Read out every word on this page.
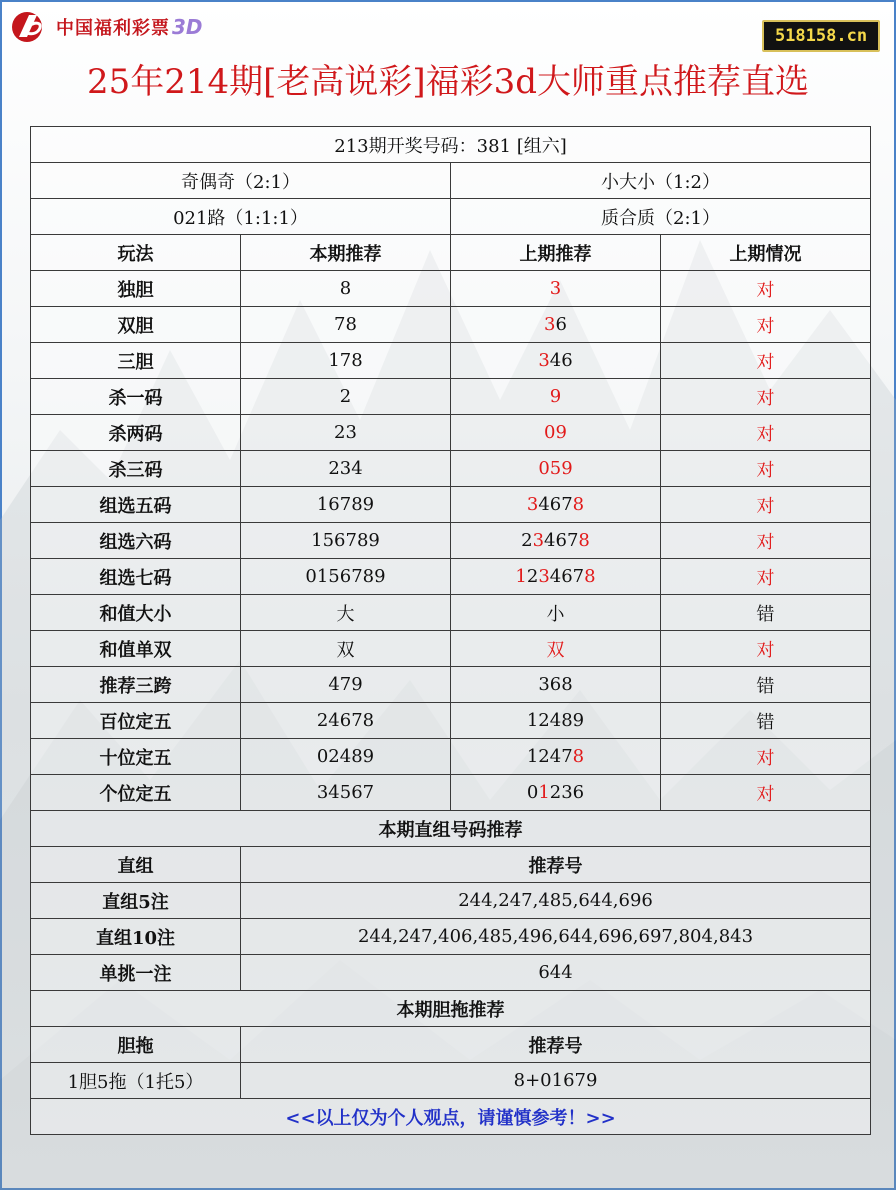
中国福利彩票 3D	518158.cn
25年214期[老高说彩]福彩3d大师重点推荐直选
213期开奖号码：381 [组六]			
奇偶奇（2:1）		小大小（1:2）	
021路（1:1:1）		质合质（2:1）	
玩法	本期推荐	上期推荐	上期情况
独胆	8	3	对
双胆	78	36	对
三胆	178	346	对
杀一码	2	9	对
杀两码	23	09	对
杀三码	234	059	对
组选五码	16789	34678	对
组选六码	156789	234678	对
组选七码	0156789	1234678	对
和值大小	大	小	错
和值单双	双	双	对
推荐三跨	479	368	错
百位定五	24678	12489	错
十位定五	02489	12478	对
个位定五	34567	01236	对
本期直组号码推荐			
直组	推荐号		
直组5注	244,247,485,644,696		
直组10注	244,247,406,485,496,644,696,697,804,843		
单挑一注	644		
本期胆拖推荐			
胆拖	推荐号		
1胆5拖（1托5）	8+01679		
<<以上仅为个人观点，请谨慎参考！>>			
